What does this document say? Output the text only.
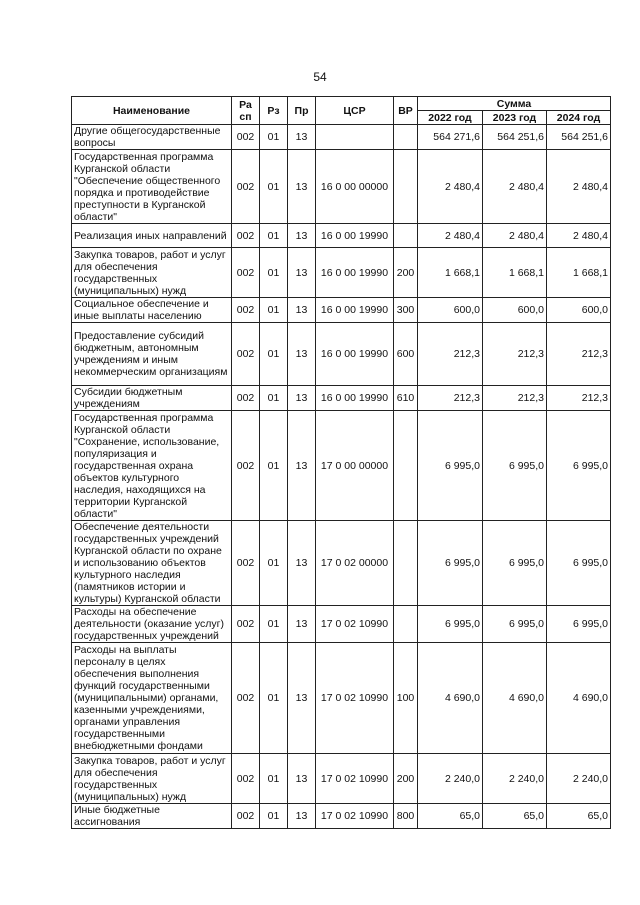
54
Наименование	Ра сп	Рз	Пр	ЦСР	ВР	Сумма		
						2022 год	2023 год	2024 год
Другие общегосударственные вопросы	002	01	13			564 271,6	564 251,6	564 251,6
Государственная программа Курганской области "Обеспечение общественного порядка и противодействие преступности в Курганской области"	002	01	13	16 0 00 00000		2 480,4	2 480,4	2 480,4
Реализация иных направлений	002	01	13	16 0 00 19990		2 480,4	2 480,4	2 480,4
Закупка товаров, работ и услуг для обеспечения государственных (муниципальных) нужд	002	01	13	16 0 00 19990	200	1 668,1	1 668,1	1 668,1
Социальное обеспечение и иные выплаты населению	002	01	13	16 0 00 19990	300	600,0	600,0	600,0
Предоставление субсидий бюджетным, автономным учреждениям и иным некоммерческим организациям	002	01	13	16 0 00 19990	600	212,3	212,3	212,3
Субсидии бюджетным учреждениям	002	01	13	16 0 00 19990	610	212,3	212,3	212,3
Государственная программа Курганской области "Сохранение, использование, популяризация и государственная охрана объектов культурного наследия, находящихся на территории Курганской области"	002	01	13	17 0 00 00000		6 995,0	6 995,0	6 995,0
Обеспечение деятельности государственных учреждений Курганской области по охране и использованию объектов культурного наследия (памятников истории и культуры) Курганской области	002	01	13	17 0 02 00000		6 995,0	6 995,0	6 995,0
Расходы на обеспечение деятельности (оказание услуг) государственных учреждений	002	01	13	17 0 02 10990		6 995,0	6 995,0	6 995,0
Расходы на выплаты персоналу в целях обеспечения выполнения функций государственными (муниципальными) органами, казенными учреждениями, органами управления государственными внебюджетными фондами	002	01	13	17 0 02 10990	100	4 690,0	4 690,0	4 690,0
Закупка товаров, работ и услуг для обеспечения государственных (муниципальных) нужд	002	01	13	17 0 02 10990	200	2 240,0	2 240,0	2 240,0
Иные бюджетные ассигнования	002	01	13	17 0 02 10990	800	65,0	65,0	65,0
